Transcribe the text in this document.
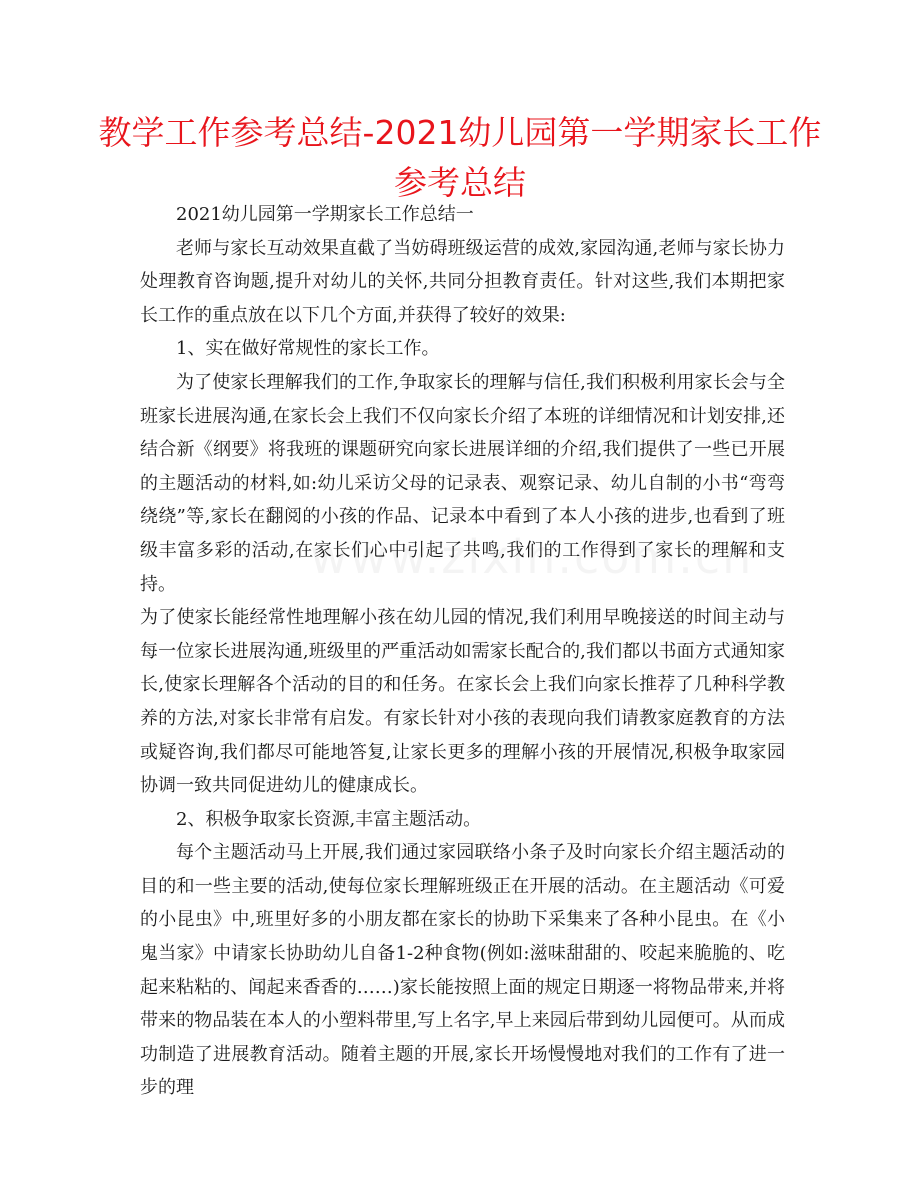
教学工作参考总结-2021幼儿园第一学期家长工作参考总结

2021幼儿园第一学期家长工作总结一

老师与家长互动效果直截了当妨碍班级运营的成效,家园沟通,老师与家长协力处理教育咨询题,提升对幼儿的关怀,共同分担教育责任。针对这些,我们本期把家长工作的重点放在以下几个方面,并获得了较好的效果:

1、实在做好常规性的家长工作。

为了使家长理解我们的工作,争取家长的理解与信任,我们积极利用家长会与全班家长进展沟通,在家长会上我们不仅向家长介绍了本班的详细情况和计划安排,还结合新《纲要》将我班的课题研究向家长进展详细的介绍,我们提供了一些已开展的主题活动的材料,如:幼儿采访父母的记录表、观察记录、幼儿自制的小书“弯弯绕绕”等,家长在翻阅的小孩的作品、记录本中看到了本人小孩的进步,也看到了班级丰富多彩的活动,在家长们心中引起了共鸣,我们的工作得到了家长的理解和支持。

为了使家长能经常性地理解小孩在幼儿园的情况,我们利用早晚接送的时间主动与每一位家长进展沟通,班级里的严重活动如需家长配合的,我们都以书面方式通知家长,使家长理解各个活动的目的和任务。在家长会上我们向家长推荐了几种科学教养的方法,对家长非常有启发。有家长针对小孩的表现向我们请教家庭教育的方法或疑咨询,我们都尽可能地答复,让家长更多的理解小孩的开展情况,积极争取家园协调一致共同促进幼儿的健康成长。

2、积极争取家长资源,丰富主题活动。

每个主题活动马上开展,我们通过家园联络小条子及时向家长介绍主题活动的目的和一些主要的活动,使每位家长理解班级正在开展的活动。在主题活动《可爱的小昆虫》中,班里好多的小朋友都在家长的协助下采集来了各种小昆虫。在《小鬼当家》中请家长协助幼儿自备1-2种食物(例如:滋味甜甜的、咬起来脆脆的、吃起来粘粘的、闻起来香香的……)家长能按照上面的规定日期逐一将物品带来,并将带来的物品装在本人的小塑料带里,写上名字,早上来园后带到幼儿园便可。从而成功制造了进展教育活动。随着主题的开展,家长开场慢慢地对我们的工作有了进一步的理
